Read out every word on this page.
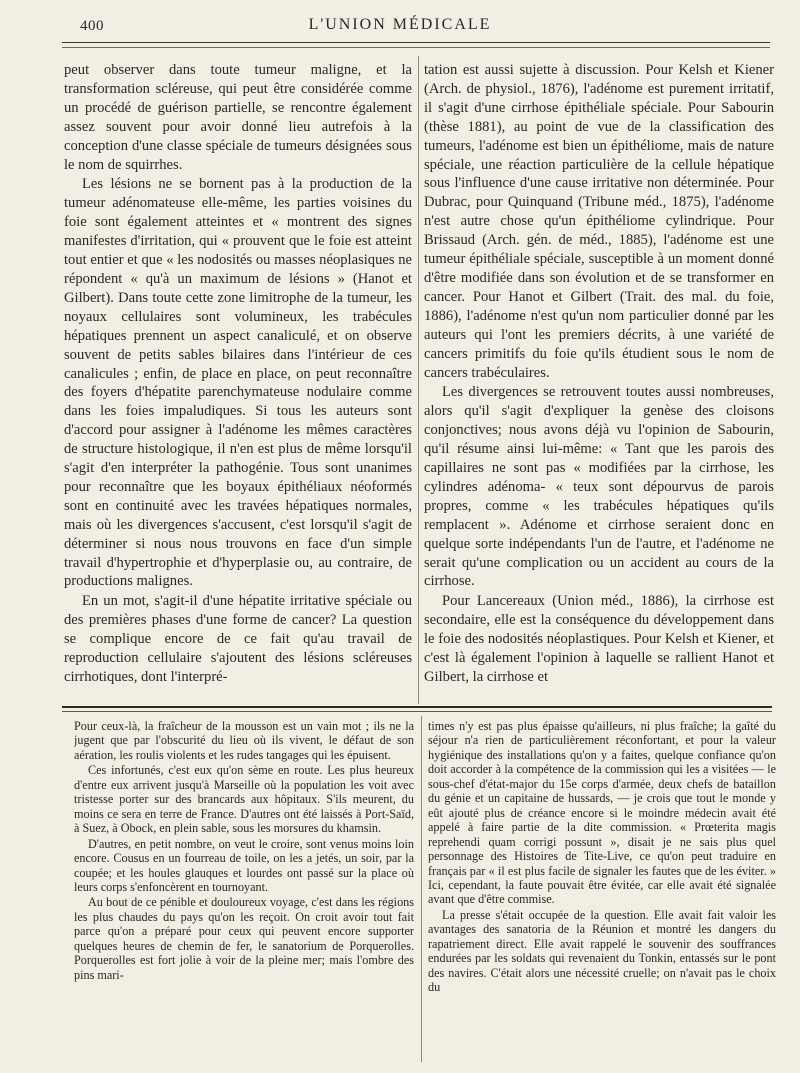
400	L'UNION MÉDICALE

peut observer dans toute tumeur maligne, et la transformation scléreuse, qui peut être considérée comme un procédé de guérison partielle, se rencontre également assez souvent pour avoir donné lieu autrefois à la conception d'une classe spéciale de tumeurs désignées sous le nom de squirrhes.

Les lésions ne se bornent pas à la production de la tumeur adénomateuse elle-même, les parties voisines du foie sont également atteintes et « montrent des signes manifestes d'irritation, qui « prouvent que le foie est atteint tout entier et que « les nodosités ou masses néoplasiques ne répondent « qu'à un maximum de lésions » (Hanot et Gilbert). Dans toute cette zone limitrophe de la tumeur, les noyaux cellulaires sont volumineux, les trabécules hépatiques prennent un aspect canaliculé, et on observe souvent de petits sables bilaires dans l'intérieur de ces canalicules ; enfin, de place en place, on peut reconnaître des foyers d'hépatite parenchymateuse nodulaire comme dans les foies impaludiques. Si tous les auteurs sont d'accord pour assigner à l'adénome les mêmes caractères de structure histologique, il n'en est plus de même lorsqu'il s'agit d'en interpréter la pathogénie. Tous sont unanimes pour reconnaître que les boyaux épithéliaux néoformés sont en continuité avec les travées hépatiques normales, mais où les divergences s'accusent, c'est lorsqu'il s'agit de déterminer si nous nous trouvons en face d'un simple travail d'hypertrophie et d'hyperplasie ou, au contraire, de productions malignes.

En un mot, s'agit-il d'une hépatite irritative spéciale ou des premières phases d'une forme de cancer? La question se complique encore de ce fait qu'au travail de reproduction cellulaire s'ajoutent des lésions scléreuses cirrhotiques, dont l'interpré-

tation est aussi sujette à discussion. Pour Kelsh et Kiener (Arch. de physiol., 1876), l'adénome est purement irritatif, il s'agit d'une cirrhose épithéliale spéciale. Pour Sabourin (thèse 1881), au point de vue de la classification des tumeurs, l'adénome est bien un épithéliome, mais de nature spéciale, une réaction particulière de la cellule hépatique sous l'influence d'une cause irritative non déterminée. Pour Dubrac, pour Quinquand (Tribune méd., 1875), l'adénome n'est autre chose qu'un épithéliome cylindrique. Pour Brissaud (Arch. gén. de méd., 1885), l'adénome est une tumeur épithéliale spéciale, susceptible à un moment donné d'être modifiée dans son évolution et de se transformer en cancer. Pour Hanot et Gilbert (Trait. des mal. du foie, 1886), l'adénome n'est qu'un nom particulier donné par les auteurs qui l'ont les premiers décrits, à une variété de cancers primitifs du foie qu'ils étudient sous le nom de cancers trabéculaires.

Les divergences se retrouvent toutes aussi nombreuses, alors qu'il s'agit d'expliquer la genèse des cloisons conjonctives; nous avons déjà vu l'opinion de Sabourin, qu'il résume ainsi lui-même: « Tant que les parois des capillaires ne sont pas « modifiées par la cirrhose, les cylindres adénoma- « teux sont dépourvus de parois propres, comme « les trabécules hépatiques qu'ils remplacent ». Adénome et cirrhose seraient donc en quelque sorte indépendants l'un de l'autre, et l'adénome ne serait qu'une complication ou un accident au cours de la cirrhose.

Pour Lancereaux (Union méd., 1886), la cirrhose est secondaire, elle est la conséquence du développement dans le foie des nodosités néoplastiques. Pour Kelsh et Kiener, et c'est là également l'opinion à laquelle se rallient Hanot et Gilbert, la cirrhose et

Pour ceux-là, la fraîcheur de la mousson est un vain mot ; ils ne la jugent que par l'obscurité du lieu où ils vivent, le défaut de son aération, les roulis violents et les rudes tangages qui les épuisent.

Ces infortunés, c'est eux qu'on sème en route. Les plus heureux d'entre eux arrivent jusqu'à Marseille où la population les voit avec tristesse porter sur des brancards aux hôpitaux. S'ils meurent, du moins ce sera en terre de France. D'autres ont été laissés à Port-Saïd, à Suez, à Obock, en plein sable, sous les morsures du khamsin.

D'autres, en petit nombre, on veut le croire, sont venus moins loin encore. Cousus en un fourreau de toile, on les a jetés, un soir, par la coupée; et les houles glauques et lourdes ont passé sur la place où leurs corps s'enfoncèrent en tournoyant.

Au bout de ce pénible et douloureux voyage, c'est dans les régions les plus chaudes du pays qu'on les reçoit. On croit avoir tout fait parce qu'on a préparé pour ceux qui peuvent encore supporter quelques heures de chemin de fer, le sanatorium de Porquerolles. Porquerolles est fort jolie à voir de la pleine mer; mais l'ombre des pins mari-

times n'y est pas plus épaisse qu'ailleurs, ni plus fraîche; la gaîté du séjour n'a rien de particulièrement réconfortant, et pour la valeur hygiénique des installations qu'on y a faites, quelque confiance qu'on doit accorder à la compétence de la commission qui les a visitées — le sous-chef d'état-major du 15e corps d'armée, deux chefs de bataillon du génie et un capitaine de hussards, — je crois que tout le monde y eût ajouté plus de créance encore si le moindre médecin avait été appelé à faire partie de la dite commission. « Prœterita magis reprehendi quam corrigi possunt », disait je ne sais plus quel personnage des Histoires de Tite-Live, ce qu'on peut traduire en français par « il est plus facile de signaler les fautes que de les éviter. » Ici, cependant, la faute pouvait être évitée, car elle avait été signalée avant que d'être commise.

La presse s'était occupée de la question. Elle avait fait valoir les avantages des sanatoria de la Réunion et montré les dangers du rapatriement direct. Elle avait rappelé le souvenir des souffrances endurées par les soldats qui revenaient du Tonkin, entassés sur le pont des navires. C'était alors une nécessité cruelle; on n'avait pas le choix du
